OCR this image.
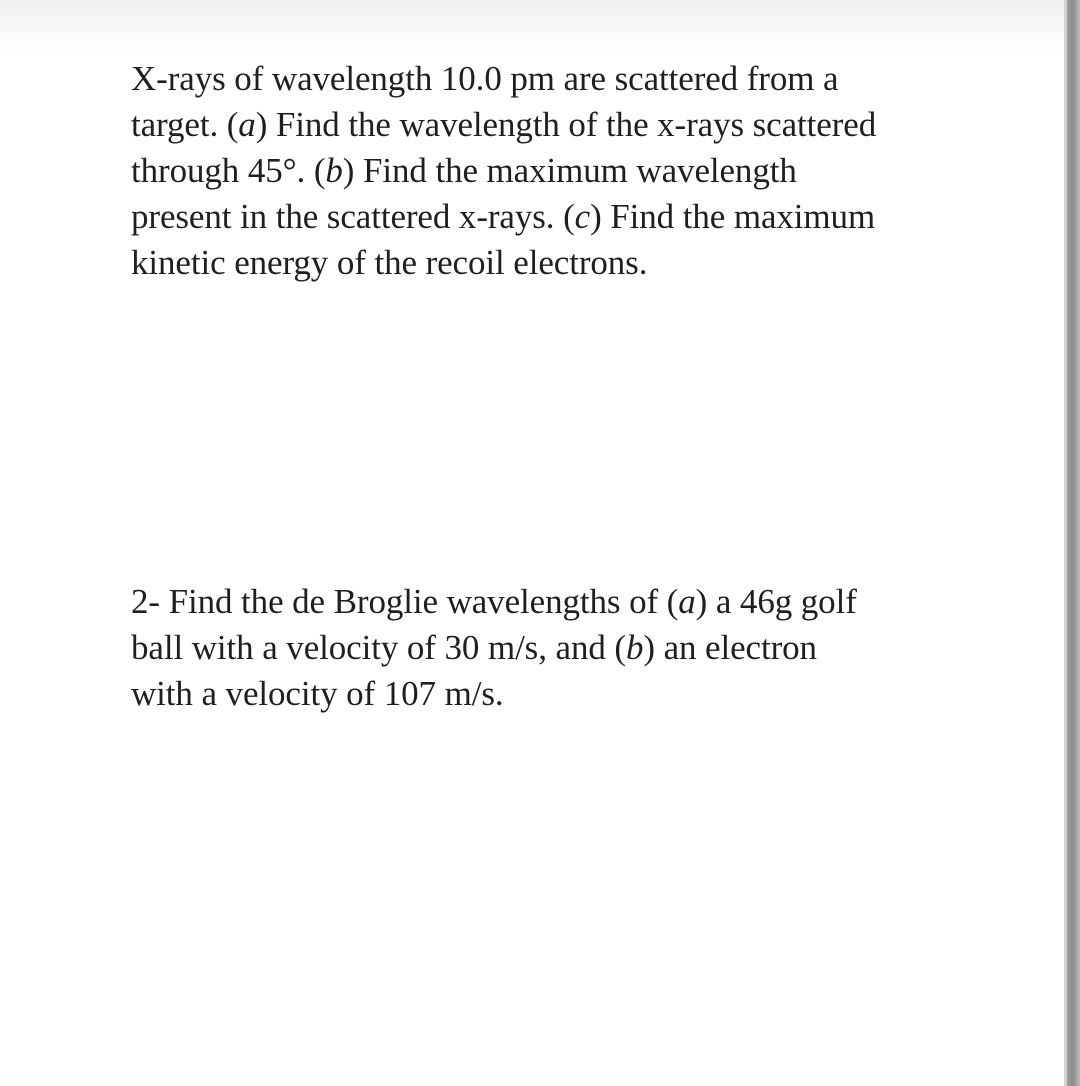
X-rays of wavelength 10.0 pm are scattered from a
target. (a) Find the wavelength of the x-rays scattered
through 45°. (b) Find the maximum wavelength
present in the scattered x-rays. (c) Find the maximum
kinetic energy of the recoil electrons.

2- Find the de Broglie wavelengths of (a) a 46g golf
ball with a velocity of 30 m/s, and (b) an electron
with a velocity of 107 m/s.
